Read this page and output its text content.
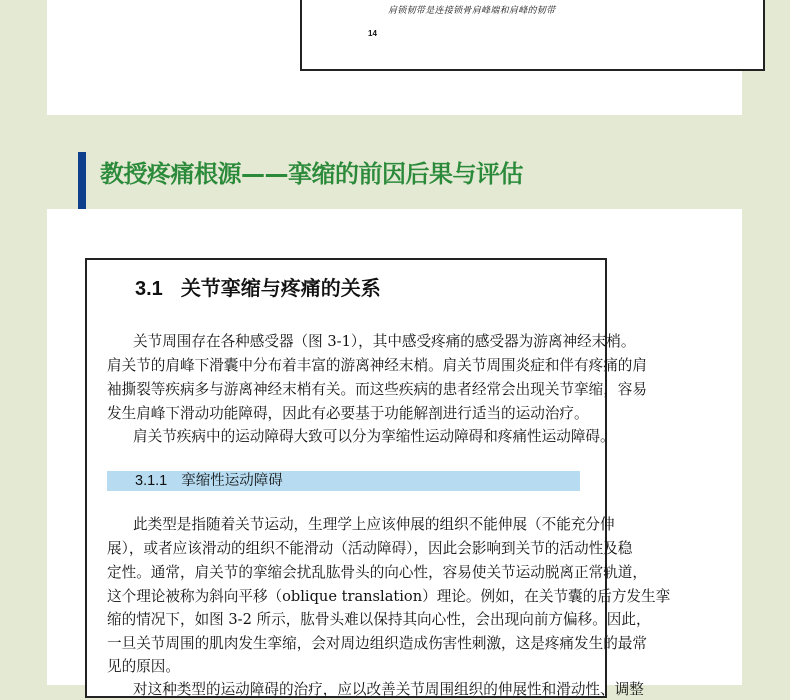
肩锁韧带是连接锁骨肩峰端和肩峰的韧带
14
教授疼痛根源——挛缩的前因后果与评估
3.1 关节挛缩与疼痛的关系
关节周围存在各种感受器（图 3-1），其中感受疼痛的感受器为游离神经末梢。
肩关节的肩峰下滑囊中分布着丰富的游离神经末梢。肩关节周围炎症和伴有疼痛的肩
袖撕裂等疾病多与游离神经末梢有关。而这些疾病的患者经常会出现关节挛缩，容易
发生肩峰下滑动功能障碍，因此有必要基于功能解剖进行适当的运动治疗。
肩关节疾病中的运动障碍大致可以分为挛缩性运动障碍和疼痛性运动障碍。
3.1.1 挛缩性运动障碍
此类型是指随着关节运动，生理学上应该伸展的组织不能伸展（不能充分伸
展），或者应该滑动的组织不能滑动（活动障碍），因此会影响到关节的活动性及稳
定性。通常，肩关节的挛缩会扰乱肱骨头的向心性，容易使关节运动脱离正常轨道，
这个理论被称为斜向平移（oblique translation）理论。例如，在关节囊的后方发生挛
缩的情况下，如图 3-2 所示，肱骨头难以保持其向心性，会出现向前方偏移。因此，
一旦关节周围的肌肉发生挛缩，会对周边组织造成伤害性刺激，这是疼痛发生的最常
见的原因。
对这种类型的运动障碍的治疗，应以改善关节周围组织的伸展性和滑动性、调整
